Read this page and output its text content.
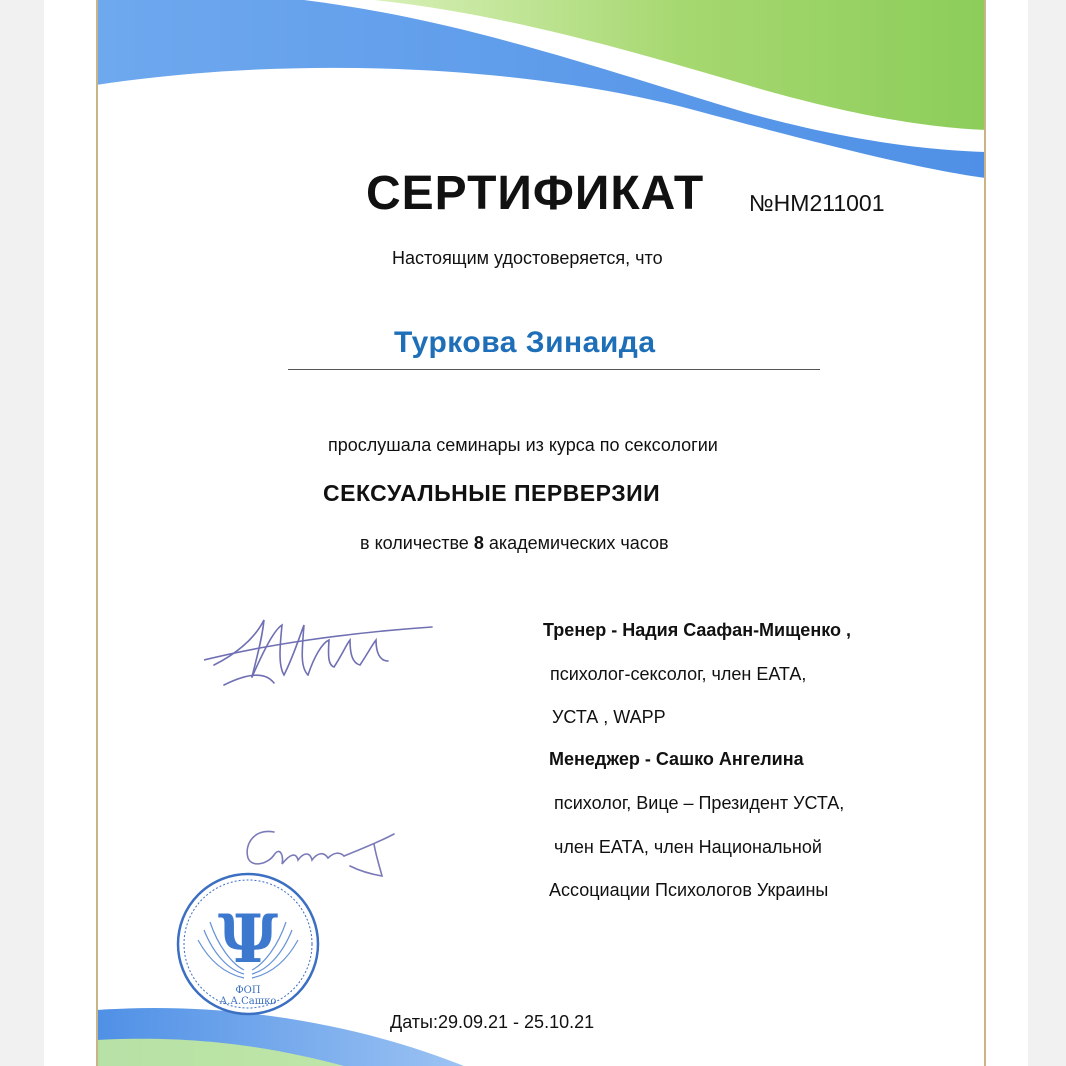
СЕРТИФИКАТ №НМ211001
Настоящим удостоверяется, что
Туркова Зинаида
прослушала семинары из курса по сексологии
СЕКСУАЛЬНЫЕ ПЕРВЕРЗИИ
в количестве 8 академических часов
Ψ
ФОП
А.А.Сашко
Тренер - Надия Саафан-Мищенко ,
психолог-сексолог, член ЕАТА,
УСТА , WAPP
Менеджер - Сашко Ангелина
психолог, Вице – Президент УСТА,
член ЕАТА, член Национальной
Ассоциации Психологов Украины
Даты:29.09.21 - 25.10.21
